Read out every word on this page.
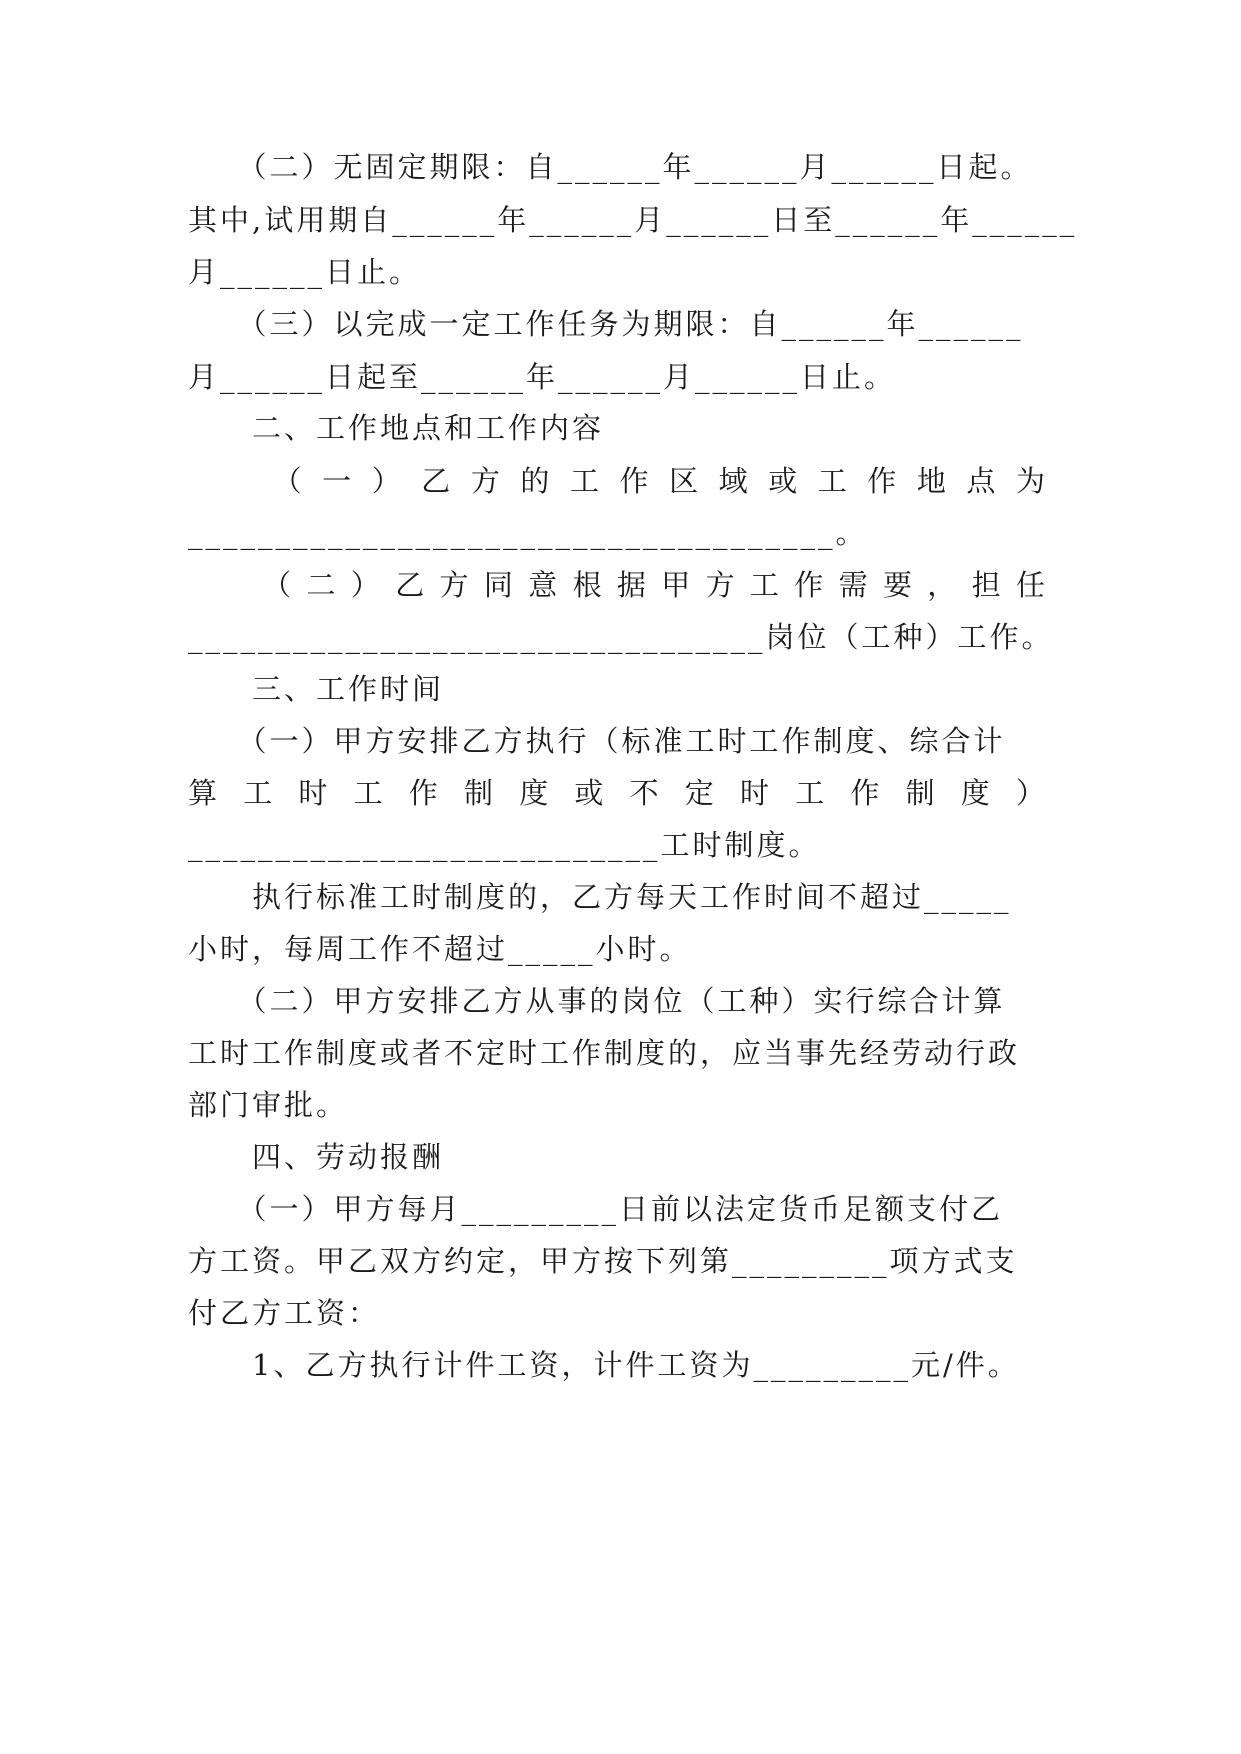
　　（二）无固定期限：自______年______月______日起。
其中,试用期自______年______月______日至______年______
月______日止。
　　（三）以完成一定工作任务为期限：自______年______
月______日起至______年______月______日止。
　　二、工作地点和工作内容
　　（一）乙方的工作区域或工作地点为
_____________________________________。
　　（二）乙方同意根据甲方工作需要，担任
_________________________________岗位（工种）工作。
　　三、工作时间
　　（一）甲方安排乙方执行（标准工时工作制度、综合计
算工时工作制度或不定时工作制度）
___________________________工时制度。
　　执行标准工时制度的，乙方每天工作时间不超过_____
小时，每周工作不超过_____小时。
　　（二）甲方安排乙方从事的岗位（工种）实行综合计算
工时工作制度或者不定时工作制度的，应当事先经劳动行政
部门审批。
　　四、劳动报酬
　　（一）甲方每月_________日前以法定货币足额支付乙
方工资。甲乙双方约定，甲方按下列第_________项方式支
付乙方工资：
　　1、乙方执行计件工资，计件工资为_________元/件。
